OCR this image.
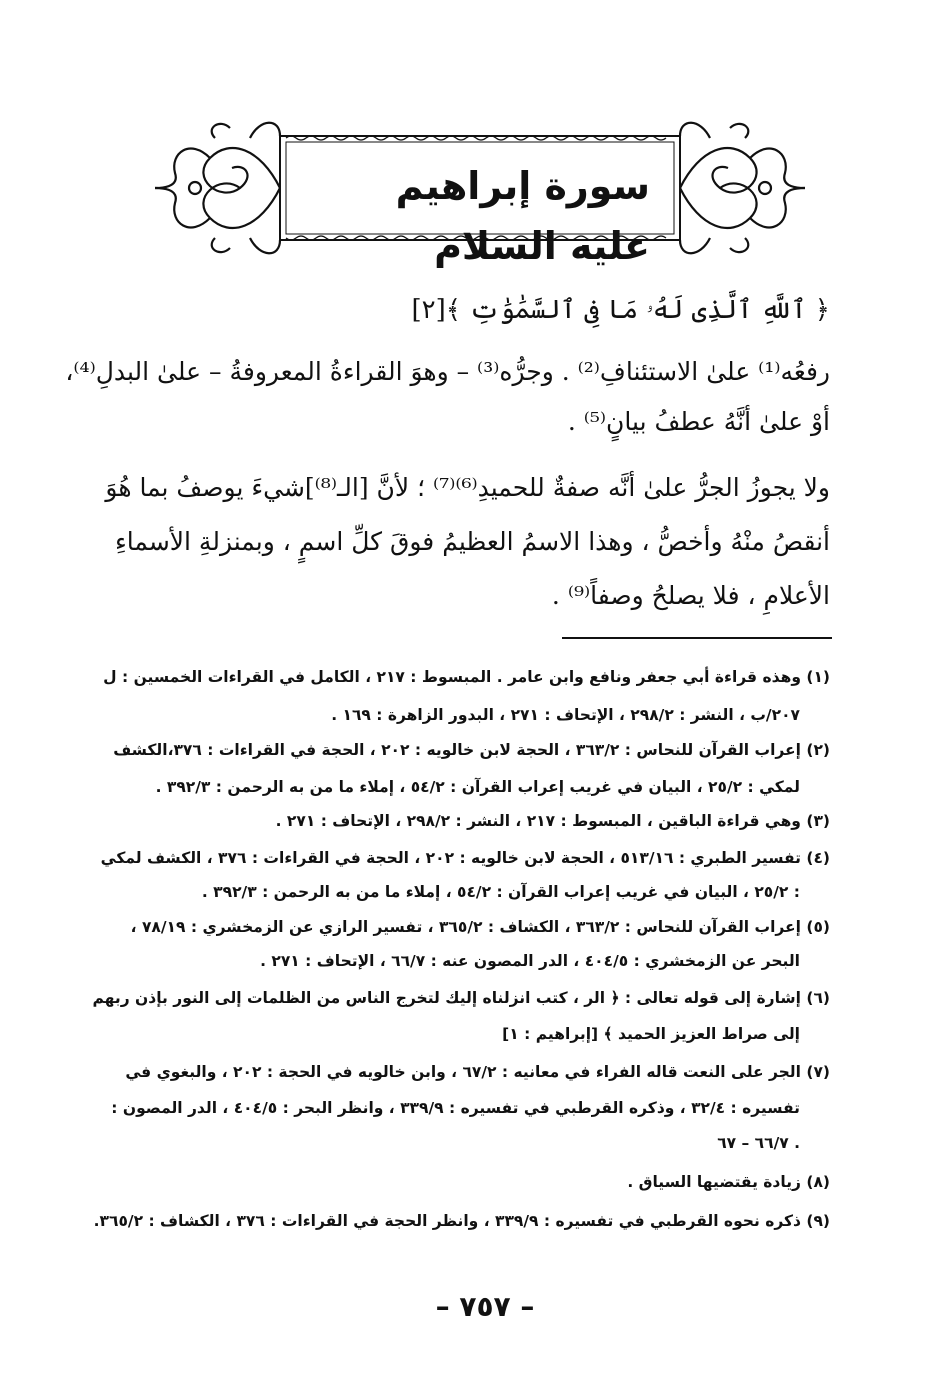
سورة إبراهيم عليه السلام
﴿ ٱللَّهِ ٱلَّذِى لَهُۥ مَا فِى ٱلسَّمَٰوَٰتِ ﴾[٢]
رفعُه⁽¹⁾ علىٰ الاستئنافِ⁽²⁾ . وجرُّه⁽³⁾ – وهوَ القراءةُ المعروفةُ – علىٰ البدلِ⁽⁴⁾،
أوْ علىٰ أنَّهُ عطفُ بيانٍ⁽⁵⁾ .
ولا يجوزُ الجرُّ علىٰ أنَّه صفةٌ للحميدِ⁽⁶⁾⁽⁷⁾ ؛ لأنَّ [الـ⁽⁸⁾]شيءَ يوصفُ بما هُوَ
أنقصُ منْهُ وأخصُّ ، وهذا الاسمُ العظيمُ فوقَ كلِّ اسمٍ ، وبمنزلةِ الأسماءِ
الأعلامِ ، فلا يصلحُ وصفاً⁽⁹⁾ .
(١) وهذه قراءة أبي جعفر ونافع وابن عامر . المبسوط : ٢١٧ ، الكامل في القراءات الخمسين : ل
٢٠٧/ب ، النشر : ٢٩٨/٢ ، الإتحاف : ٢٧١ ، البدور الزاهرة : ١٦٩ .
(٢) إعراب القرآن للنحاس : ٣٦٣/٢ ، الحجة لابن خالويه : ٢٠٢ ، الحجة في القراءات : ٣٧٦،الكشف
لمكي : ٢٥/٢ ، البيان في غريب إعراب القرآن : ٥٤/٢ ، إملاء ما من به الرحمن : ٣٩٢/٣ .
(٣) وهي قراءة الباقين ، المبسوط : ٢١٧ ، النشر : ٢٩٨/٢ ، الإتحاف : ٢٧١ .
(٤) تفسير الطبري : ٥١٣/١٦ ، الحجة لابن خالويه : ٢٠٢ ، الحجة في القراءات : ٣٧٦ ، الكشف لمكي
: ٢٥/٢ ، البيان في غريب إعراب القرآن : ٥٤/٢ ، إملاء ما من به الرحمن : ٣٩٢/٣ .
(٥) إعراب القرآن للنحاس : ٣٦٣/٢ ، الكشاف : ٣٦٥/٢ ، تفسير الرازي عن الزمخشري : ٧٨/١٩ ،
البحر عن الزمخشري : ٤٠٤/٥ ، الدر المصون عنه : ٦٦/٧ ، الإتحاف : ٢٧١ .
(٦) إشارة إلى قوله تعالى : ﴿ الر ، كتب انزلناه إليك لتخرج الناس من الظلمات إلى النور بإذن ربهم
إلى صراط العزيز الحميد ﴾ [إبراهيم : ١]
(٧) الجر على النعت قاله الفراء في معانيه : ٦٧/٢ ، وابن خالويه في الحجة : ٢٠٢ ، والبغوي في
تفسيره : ٣٢/٤ ، وذكره القرطبي في تفسيره : ٣٣٩/٩ ، وانظر البحر : ٤٠٤/٥ ، الدر المصون :
٦٦/٧ – ٦٧ .
(٨) زيادة يقتضيها السياق .
(٩) ذكره نحوه القرطبي في تفسيره : ٣٣٩/٩ ، وانظر الحجة في القراءات : ٣٧٦ ، الكشاف : ٣٦٥/٢.
– ٧٥٧ –
